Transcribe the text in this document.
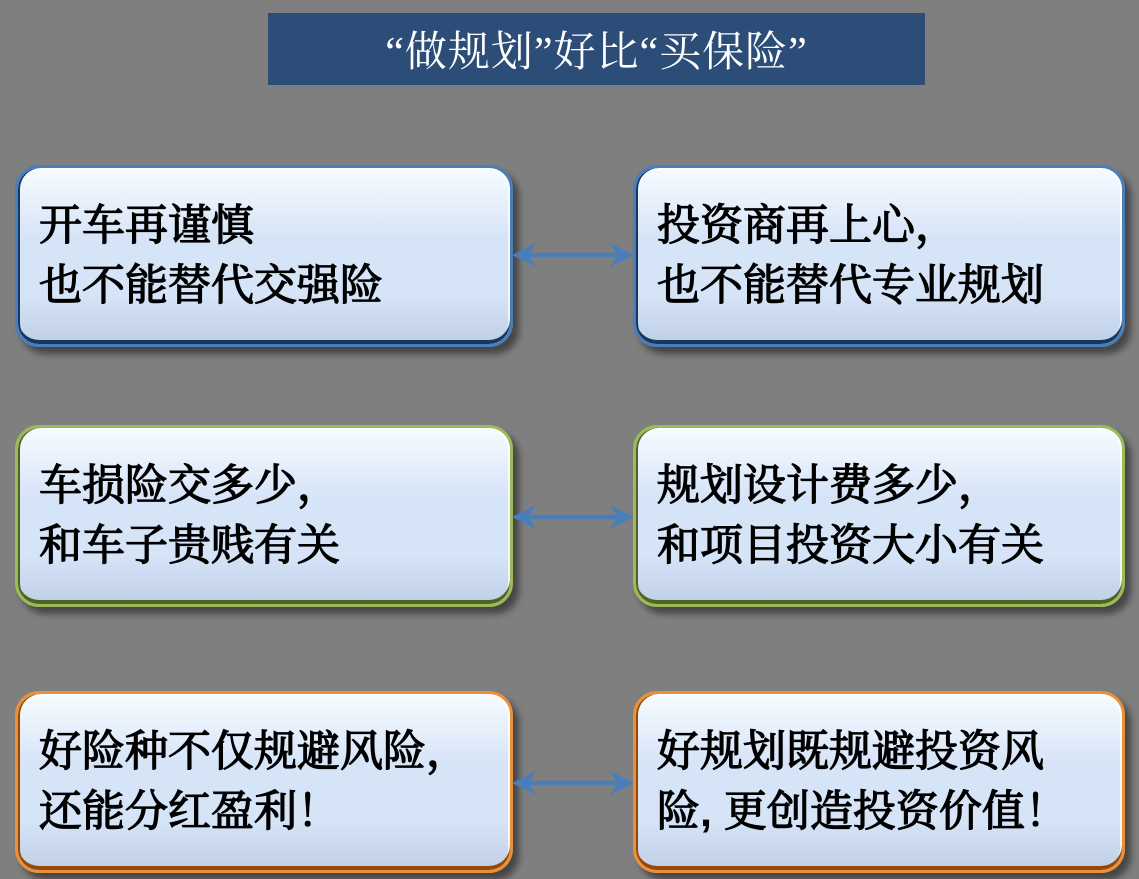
“做规划”好比“买保险”
开车再谨慎
也不能替代交强险
投资商再上心，
也不能替代专业规划
车损险交多少，
和车子贵贱有关
规划设计费多少，
和项目投资大小有关
好险种不仅规避风险，
还能分红盈利！
好规划既规避投资风
险, 更创造投资价值！
